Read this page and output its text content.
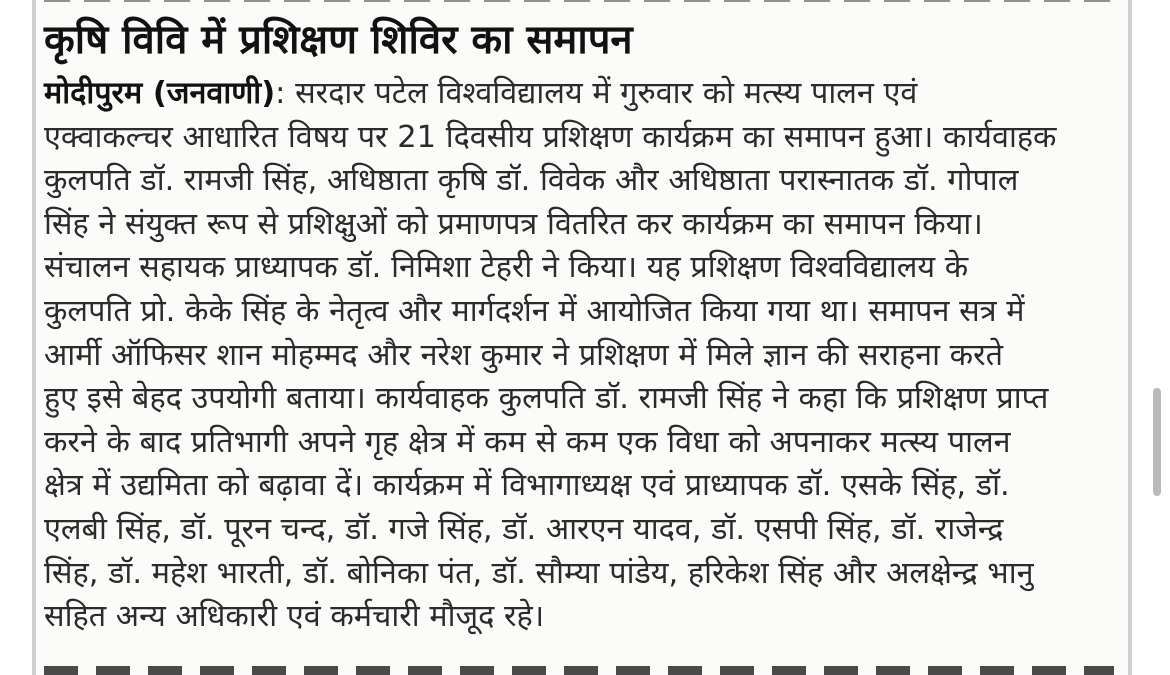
कृषि विवि में प्रशिक्षण शिविर का समापन
मोदीपुरम (जनवाणी): सरदार पटेल विश्वविद्यालय में गुरुवार को मत्स्य पालन एवं
एक्वाकल्चर आधारित विषय पर 21 दिवसीय प्रशिक्षण कार्यक्रम का समापन हुआ। कार्यवाहक
कुलपति डॉ. रामजी सिंह, अधिष्ठाता कृषि डॉ. विवेक और अधिष्ठाता परास्नातक डॉ. गोपाल
सिंह ने संयुक्त रूप से प्रशिक्षुओं को प्रमाणपत्र वितरित कर कार्यक्रम का समापन किया।
संचालन सहायक प्राध्यापक डॉ. निमिशा टेहरी ने किया। यह प्रशिक्षण विश्वविद्यालय के
कुलपति प्रो. केके सिंह के नेतृत्व और मार्गदर्शन में आयोजित किया गया था। समापन सत्र में
आर्मी ऑफिसर शान मोहम्मद और नरेश कुमार ने प्रशिक्षण में मिले ज्ञान की सराहना करते
हुए इसे बेहद उपयोगी बताया। कार्यवाहक कुलपति डॉ. रामजी सिंह ने कहा कि प्रशिक्षण प्राप्त
करने के बाद प्रतिभागी अपने गृह क्षेत्र में कम से कम एक विधा को अपनाकर मत्स्य पालन
क्षेत्र में उद्यमिता को बढ़ावा दें। कार्यक्रम में विभागाध्यक्ष एवं प्राध्यापक डॉ. एसके सिंह, डॉ.
एलबी सिंह, डॉ. पूरन चन्द, डॉ. गजे सिंह, डॉ. आरएन यादव, डॉ. एसपी सिंह, डॉ. राजेन्द्र
सिंह, डॉ. महेश भारती, डॉ. बोनिका पंत, डॉ. सौम्या पांडेय, हरिकेश सिंह और अलक्षेन्द्र भानु
सहित अन्य अधिकारी एवं कर्मचारी मौजूद रहे।
